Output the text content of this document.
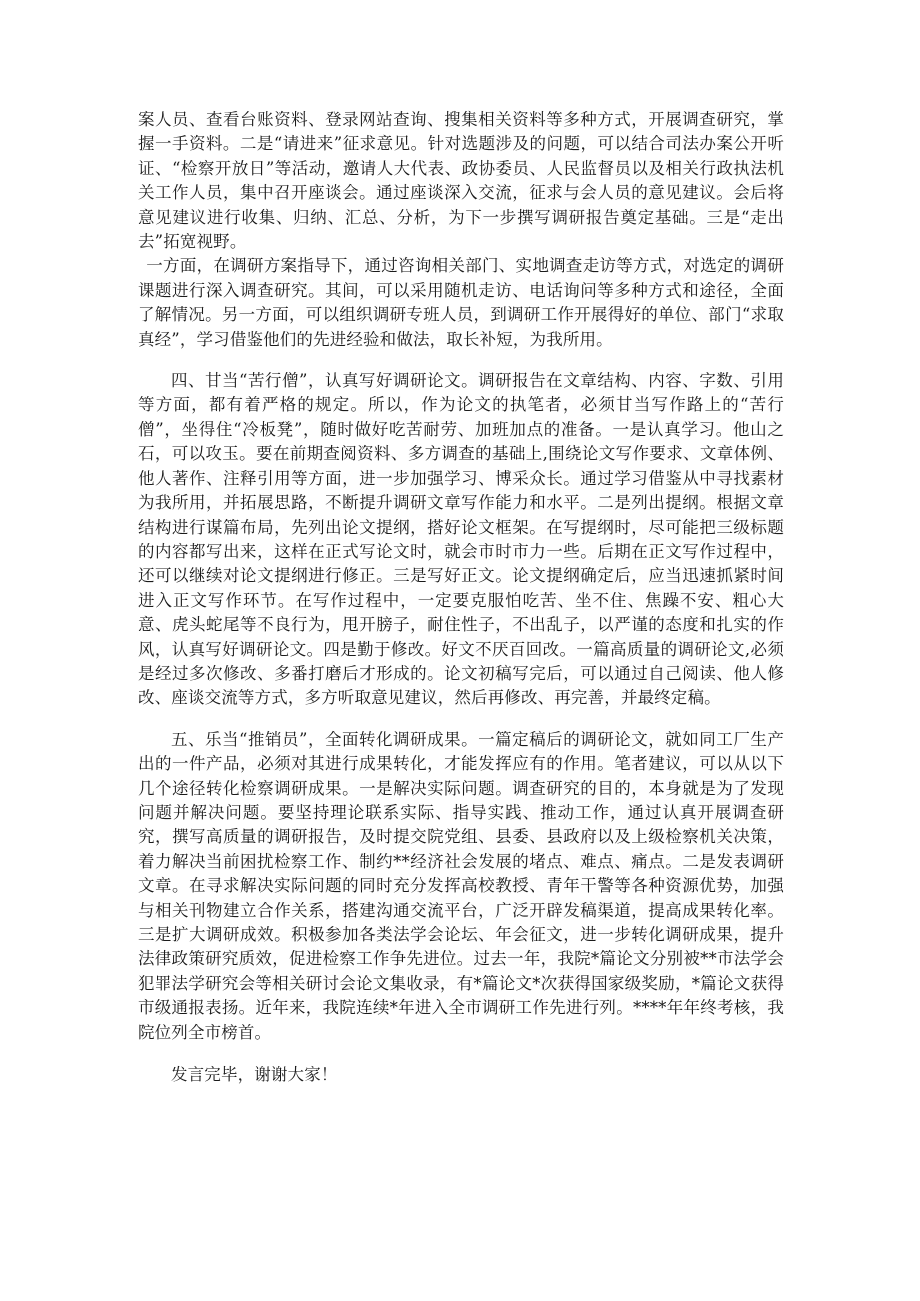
案人员、查看台账资料、登录网站查询、搜集相关资料等多种方式，开展调查研究，掌握一手资料。二是“请进来”征求意见。针对选题涉及的问题，可以结合司法办案公开听证、“检察开放日”等活动，邀请人大代表、政协委员、人民监督员以及相关行政执法机关工作人员，集中召开座谈会。通过座谈深入交流，征求与会人员的意见建议。会后将意见建议进行收集、归纳、汇总、分析，为下一步撰写调研报告奠定基础。三是“走出去”拓宽视野。

一方面，在调研方案指导下，通过咨询相关部门、实地调查走访等方式，对选定的调研课题进行深入调查研究。其间，可以采用随机走访、电话询问等多种方式和途径，全面了解情况。另一方面，可以组织调研专班人员，到调研工作开展得好的单位、部门“求取真经”，学习借鉴他们的先进经验和做法，取长补短，为我所用。

四、甘当“苦行僧”，认真写好调研论文。调研报告在文章结构、内容、字数、引用等方面，都有着严格的规定。所以，作为论文的执笔者，必须甘当写作路上的“苦行僧”，坐得住“冷板凳”，随时做好吃苦耐劳、加班加点的准备。一是认真学习。他山之石，可以攻玉。要在前期查阅资料、多方调查的基础上,围绕论文写作要求、文章体例、他人著作、注释引用等方面，进一步加强学习、博采众长。通过学习借鉴从中寻找素材为我所用，并拓展思路，不断提升调研文章写作能力和水平。二是列出提纲。根据文章结构进行谋篇布局，先列出论文提纲，搭好论文框架。在写提纲时，尽可能把三级标题的内容都写出来，这样在正式写论文时，就会市时市力一些。后期在正文写作过程中，还可以继续对论文提纲进行修正。三是写好正文。论文提纲确定后，应当迅速抓紧时间进入正文写作环节。在写作过程中，一定要克服怕吃苦、坐不住、焦躁不安、粗心大意、虎头蛇尾等不良行为，甩开膀子，耐住性子，不出乱子，以严谨的态度和扎实的作风，认真写好调研论文。四是勤于修改。好文不厌百回改。一篇高质量的调研论文,必须是经过多次修改、多番打磨后才形成的。论文初稿写完后，可以通过自己阅读、他人修改、座谈交流等方式，多方听取意见建议，然后再修改、再完善，并最终定稿。

五、乐当“推销员”，全面转化调研成果。一篇定稿后的调研论文，就如同工厂生产出的一件产品，必须对其进行成果转化，才能发挥应有的作用。笔者建议，可以从以下几个途径转化检察调研成果。一是解决实际问题。调查研究的目的，本身就是为了发现问题并解决问题。要坚持理论联系实际、指导实践、推动工作，通过认真开展调查研究，撰写高质量的调研报告，及时提交院党组、县委、县政府以及上级检察机关决策，着力解决当前困扰检察工作、制约**经济社会发展的堵点、难点、痛点。二是发表调研文章。在寻求解决实际问题的同时充分发挥高校教授、青年干警等各种资源优势，加强与相关刊物建立合作关系，搭建沟通交流平台，广泛开辟发稿渠道，提高成果转化率。三是扩大调研成效。积极参加各类法学会论坛、年会征文，进一步转化调研成果，提升法律政策研究质效，促进检察工作争先进位。过去一年，我院*篇论文分别被**市法学会犯罪法学研究会等相关研讨会论文集收录，有*篇论文*次获得国家级奖励，*篇论文获得市级通报表扬。近年来，我院连续*年进入全市调研工作先进行列。****年年终考核，我院位列全市榜首。

发言完毕，谢谢大家！
